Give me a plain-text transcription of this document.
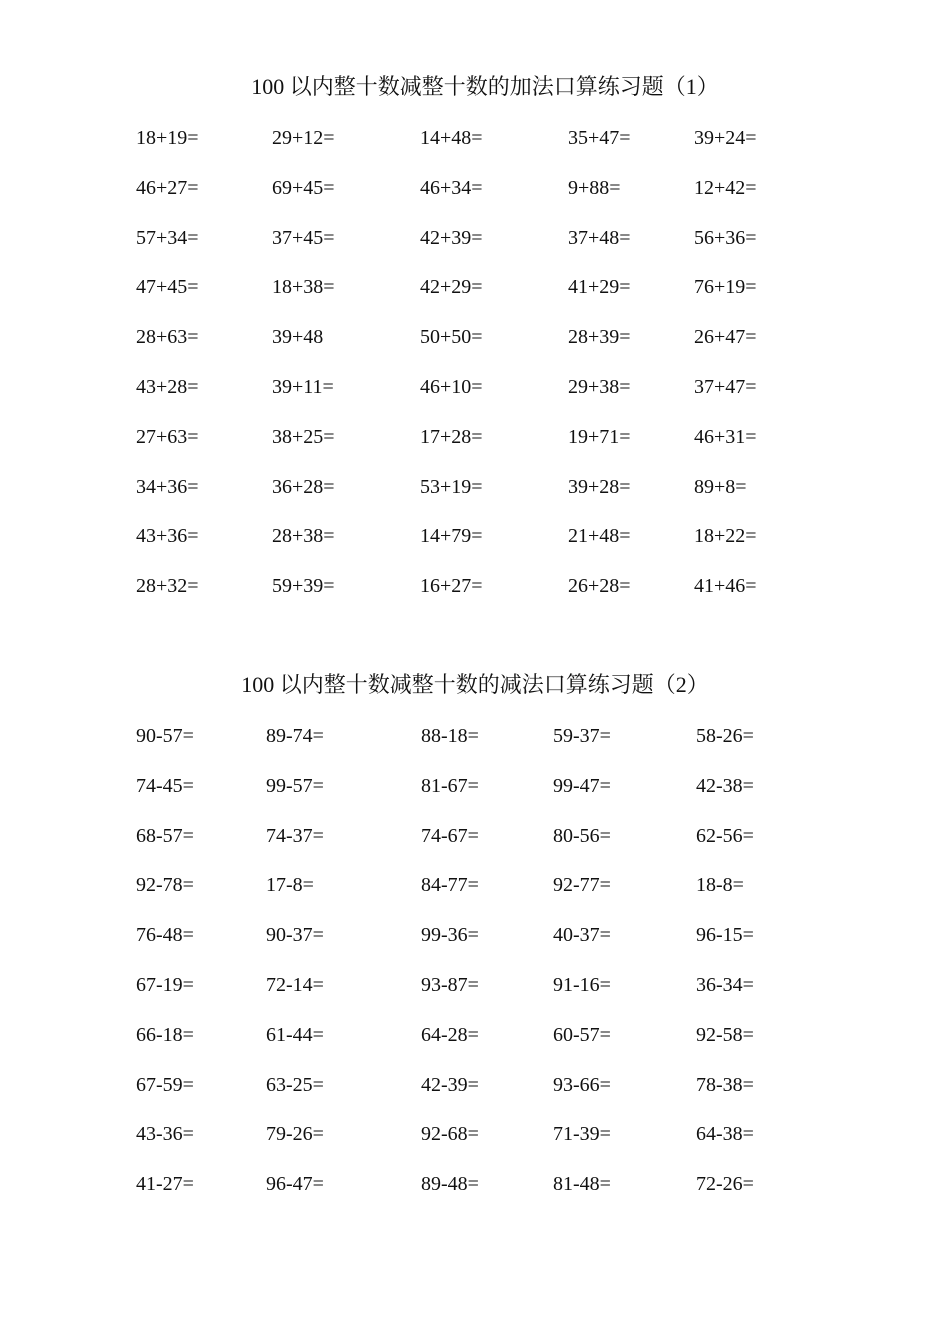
100 以内整十数减整十数的加法口算练习题（1）
18+19=	29+12=	14+48=	35+47=	39+24=
46+27=	69+45=	46+34=	9+88=	12+42=
57+34=	37+45=	42+39=	37+48=	56+36=
47+45=	18+38=	42+29=	41+29=	76+19=
28+63=	39+48	50+50=	28+39=	26+47=
43+28=	39+11=	46+10=	29+38=	37+47=
27+63=	38+25=	17+28=	19+71=	46+31=
34+36=	36+28=	53+19=	39+28=	89+8=
43+36=	28+38=	14+79=	21+48=	18+22=
28+32=	59+39=	16+27=	26+28=	41+46=
100 以内整十数减整十数的减法口算练习题（2）
90-57=	89-74=	88-18=	59-37=	58-26=
74-45=	99-57=	81-67=	99-47=	42-38=
68-57=	74-37=	74-67=	80-56=	62-56=
92-78=	17-8=	84-77=	92-77=	18-8=
76-48=	90-37=	99-36=	40-37=	96-15=
67-19=	72-14=	93-87=	91-16=	36-34=
66-18=	61-44=	64-28=	60-57=	92-58=
67-59=	63-25=	42-39=	93-66=	78-38=
43-36=	79-26=	92-68=	71-39=	64-38=
41-27=	96-47=	89-48=	81-48=	72-26=
